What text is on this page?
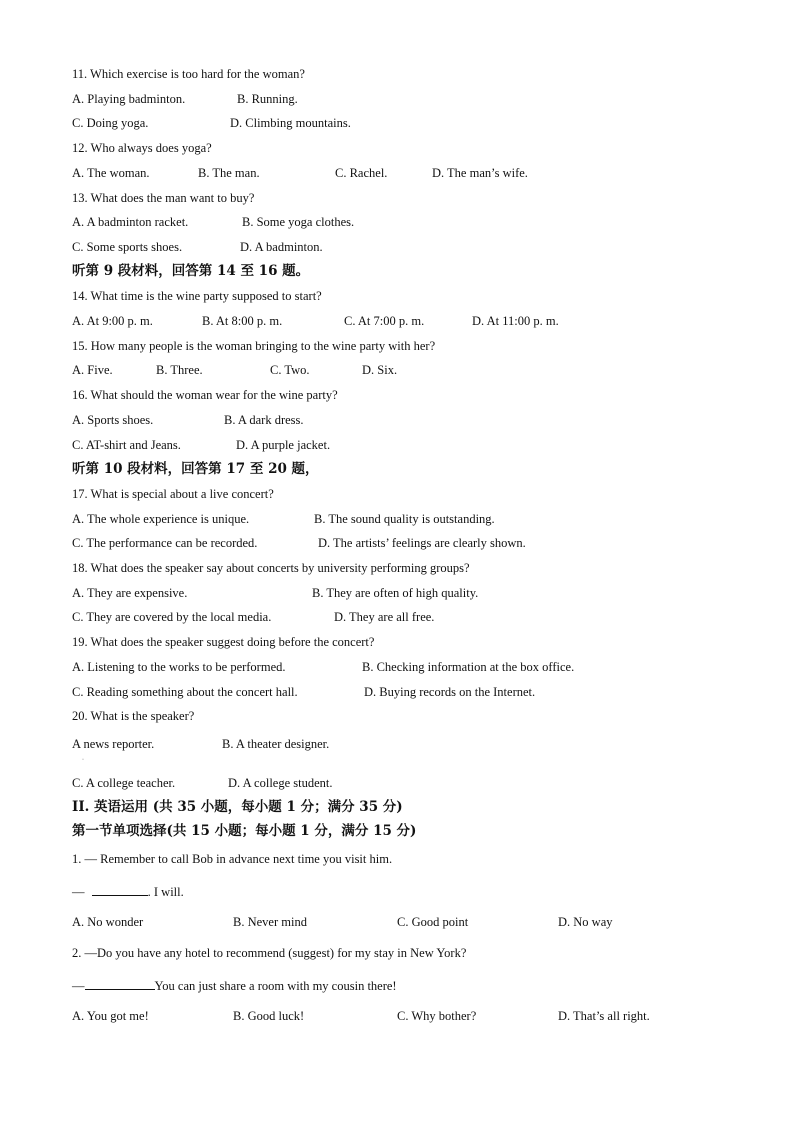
11. Which exercise is too hard for the woman?
A. Playing badminton.	B. Running.
C. Doing yoga.	D. Climbing mountains.
12. Who always does yoga?
A. The woman.	B. The man.	C. Rachel.	D. The man’s wife.
13. What does the man want to buy?
A. A badminton racket.	B. Some yoga clothes.
C. Some sports shoes.	D. A badminton.
听第 9 段材料，回答第 14 至 16 题。
14. What time is the wine party supposed to start?
A. At 9:00 p. m.	B. At 8:00 p. m.	C. At 7:00 p. m.	D. At 11:00 p. m.
15. How many people is the woman bringing to the wine party with her?
A. Five.	B. Three.	C. Two.	D. Six.
16. What should the woman wear for the wine party?
A. Sports shoes.	B. A dark dress.
C. AT-shirt and Jeans.	D. A purple jacket.
听第 10 段材料，回答第 17 至 20 题，
17. What is special about a live concert?
A. The whole experience is unique.	B. The sound quality is outstanding.
C. The performance can be recorded.	D. The artists’ feelings are clearly shown.
18. What does the speaker say about concerts by university performing groups?
A. They are expensive.	B. They are often of high quality.
C. They are covered by the local media.	D. They are all free.
19. What does the speaker suggest doing before the concert?
A. Listening to the works to be performed.	B. Checking information at the box office.
C. Reading something about the concert hall.	D. Buying records on the Internet.
20. What is the speaker?
A news reporter.	B. A theater designer.
·
C. A college teacher.	D. A college student.
II. 英语运用 (共 35 小题，每小题 1 分；满分 35 分)
第一节单项选择(共 15 小题；每小题 1 分，满分 15 分)
1. — Remember to call Bob in advance next time you visit him.
—	. I will.
A. No wonder	B. Never mind	C. Good point	D. No way
2. —Do you have any hotel to recommend (suggest) for my stay in New York?
—	You can just share a room with my cousin there!
A. You got me!	B. Good luck!	C. Why bother?	D. That’s all right.
